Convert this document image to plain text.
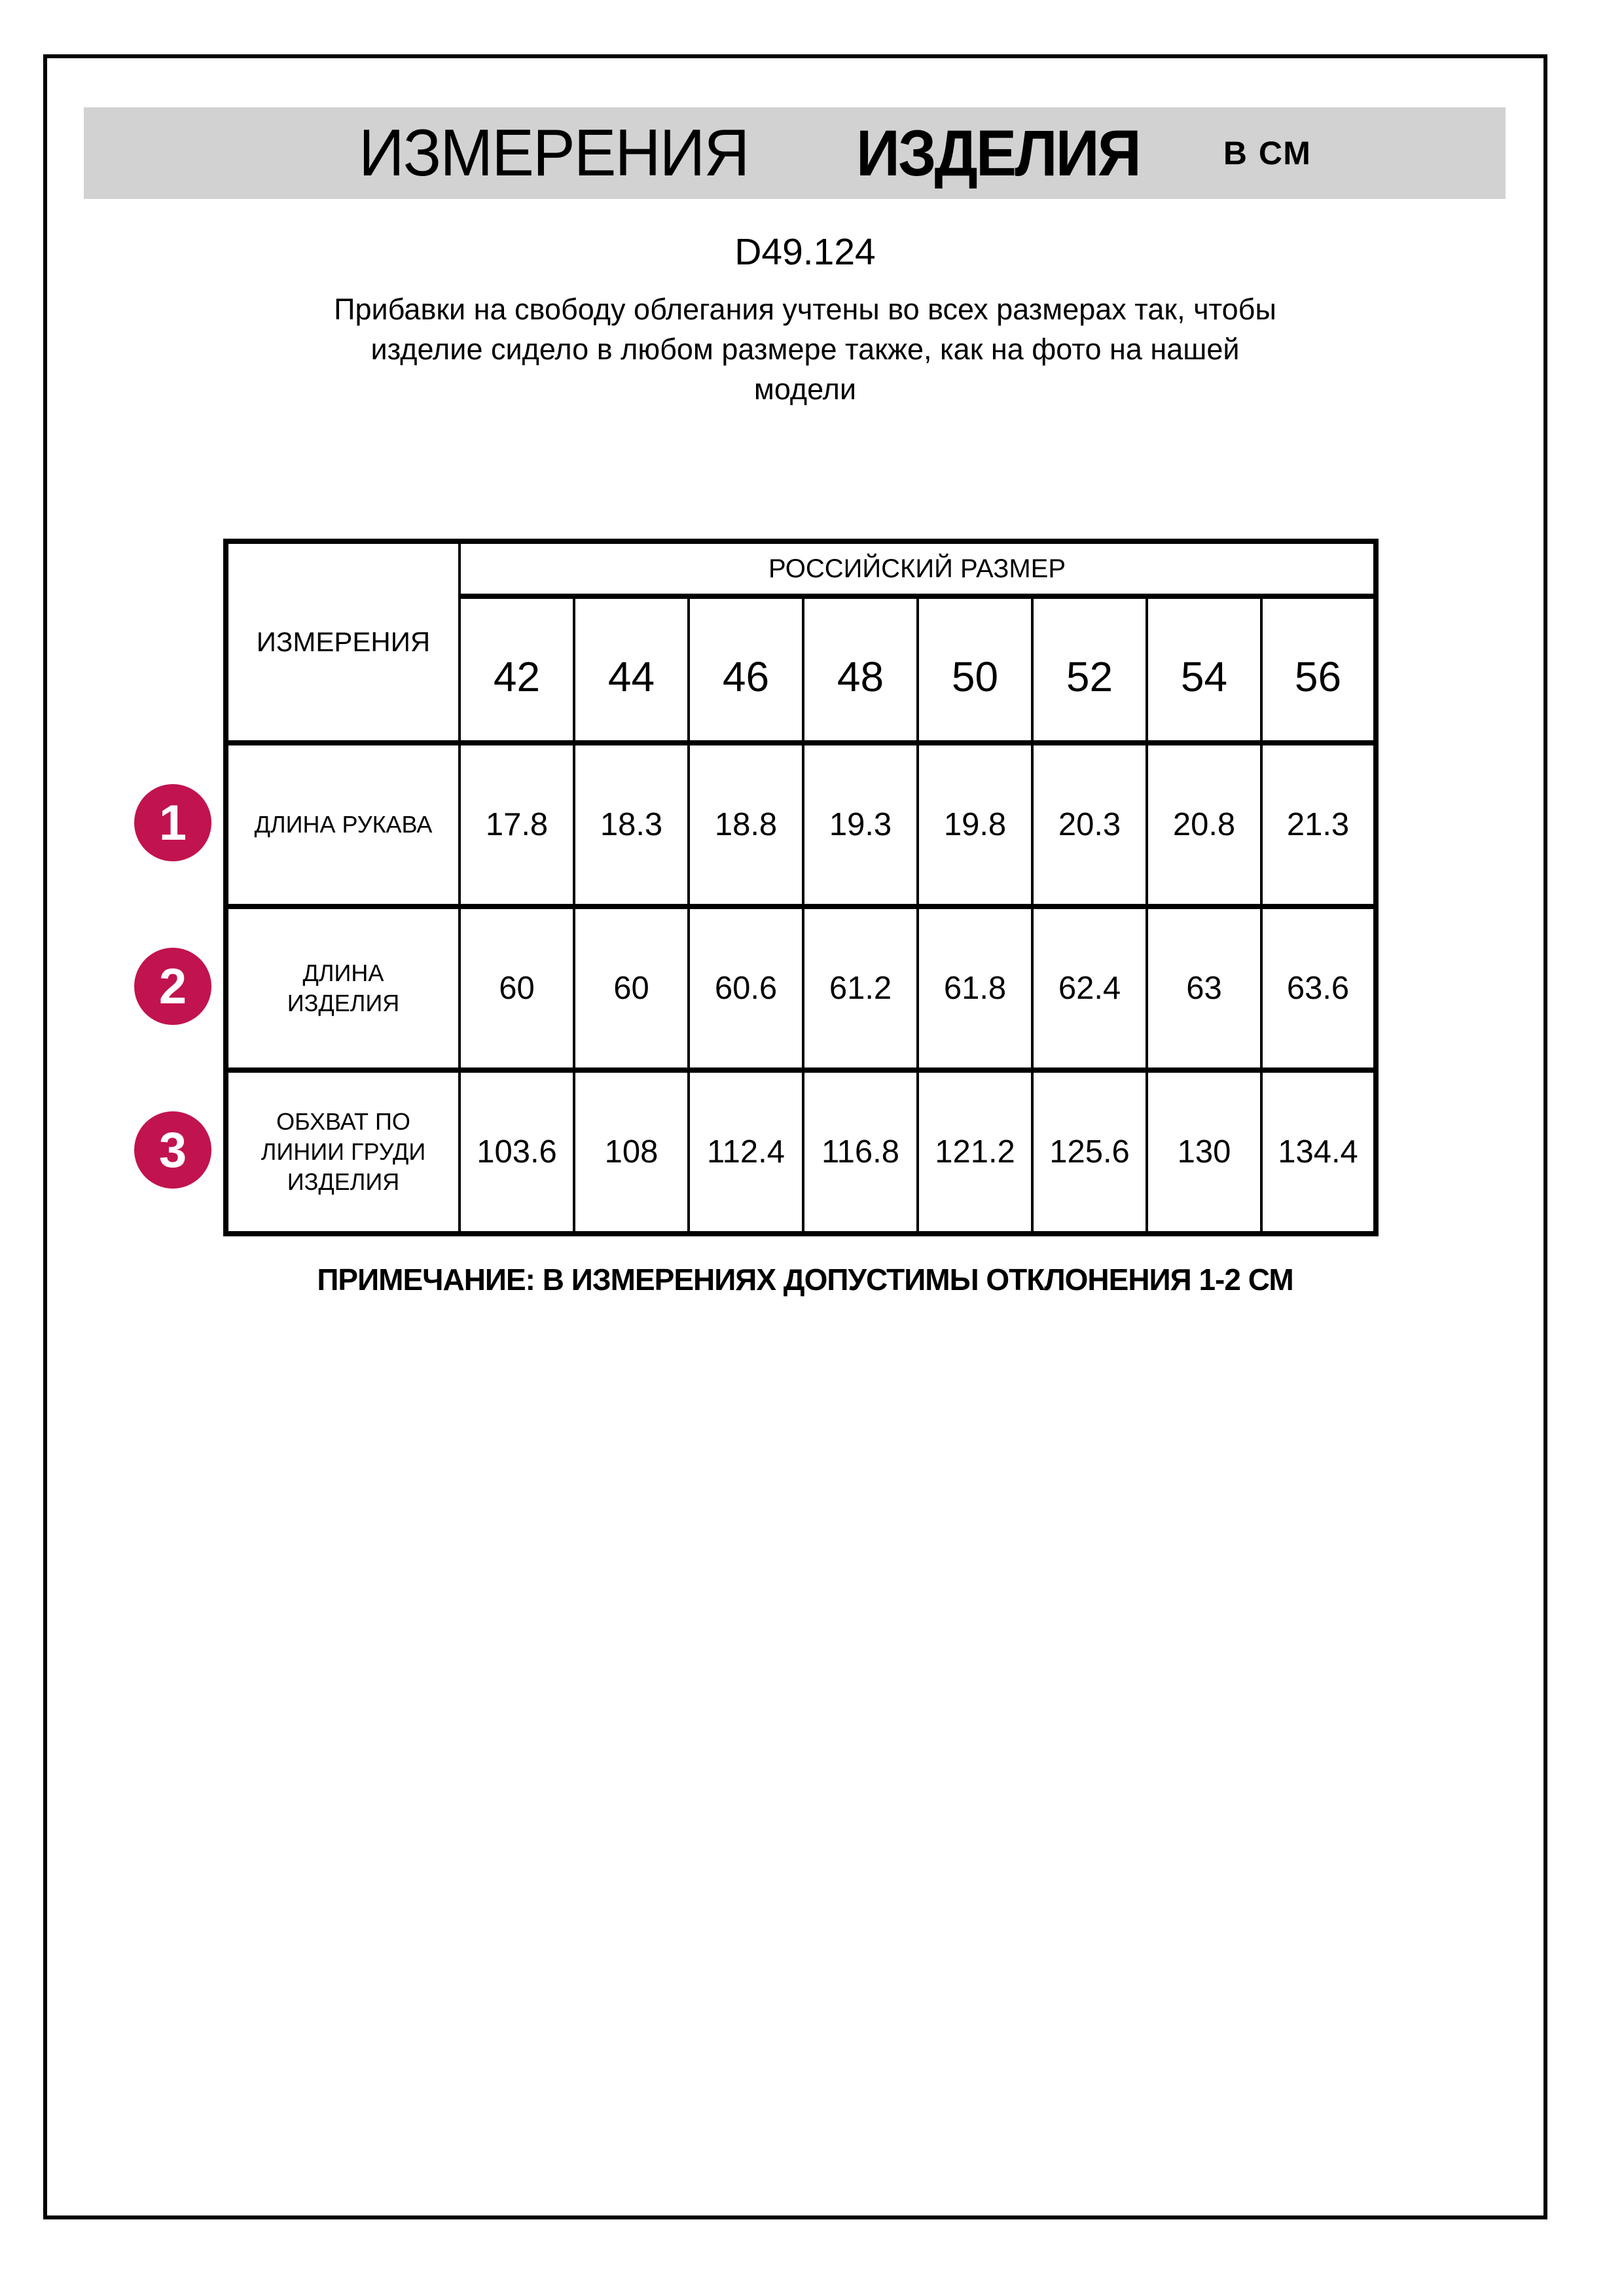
ИЗМЕРЕНИЯ ИЗДЕЛИЯ	В СМ
D49.124
Прибавки на свободу облегания учтены во всех размерах так, чтобы
изделие сидело в любом размере также, как на фото на нашей
модели
ИЗМЕРЕНИЯ	РОССИЙСКИЙ РАЗМЕР							
	42	44	46	48	50	52	54	56

ДЛИНА РУКАВА	17.8	18.3	18.8	19.3	19.8	20.3	20.8	21.3

ДЛИНА
ИЗДЕЛИЯ	60	60	60.6	61.2	61.8	62.4	63	63.6

ОБХВАТ ПО
ЛИНИИ ГРУДИ
ИЗДЕЛИЯ	103.6	108	112.4	116.8	121.2	125.6	130	134.4
1
2
3
ПРИМЕЧАНИЕ: В ИЗМЕРЕНИЯХ ДОПУСТИМЫ ОТКЛОНЕНИЯ 1-2 СМ
